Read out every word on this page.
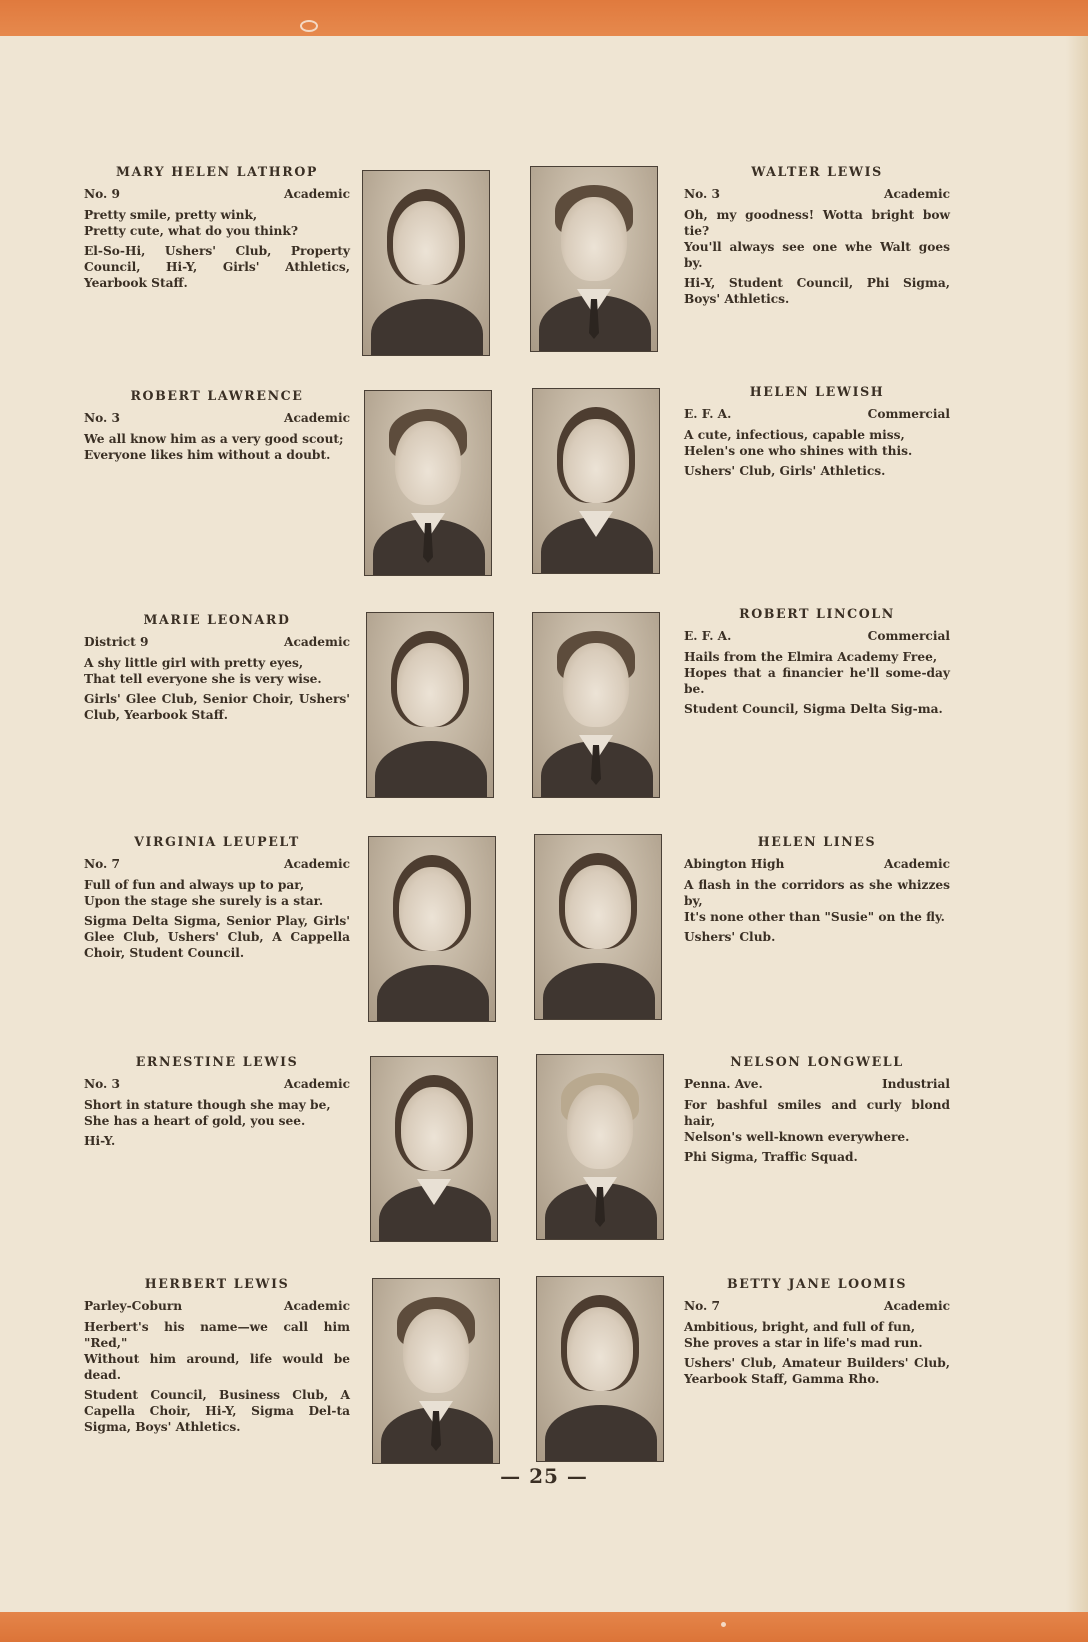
MARY HELEN LATHROP
No. 9	Academic
Pretty smile, pretty wink,
Pretty cute, what do you think?
El-So-Hi, Ushers' Club, Property Council, Hi-Y, Girls' Athletics, Yearbook Staff.
WALTER LEWIS
No. 3	Academic
Oh, my goodness! Wotta bright bow tie?
You'll always see one whe Walt goes by.
Hi-Y, Student Council, Phi Sigma, Boys' Athletics.
ROBERT LAWRENCE
No. 3	Academic
We all know him as a very good scout;
Everyone likes him without a doubt.
HELEN LEWISH
E. F. A.	Commercial
A cute, infectious, capable miss,
Helen's one who shines with this.
Ushers' Club, Girls' Athletics.
MARIE LEONARD
District 9	Academic
A shy little girl with pretty eyes,
That tell everyone she is very wise.
Girls' Glee Club, Senior Choir, Ushers' Club, Yearbook Staff.
ROBERT LINCOLN
E. F. A.	Commercial
Hails from the Elmira Academy Free,
Hopes that a financier he'll some-day be.
Student Council, Sigma Delta Sig-ma.
VIRGINIA LEUPELT
No. 7	Academic
Full of fun and always up to par,
Upon the stage she surely is a star.
Sigma Delta Sigma, Senior Play, Girls' Glee Club, Ushers' Club, A Cappella Choir, Student Council.
HELEN LINES
Abington High	Academic
A flash in the corridors as she whizzes by,
It's none other than "Susie" on the fly.
Ushers' Club.
ERNESTINE LEWIS
No. 3	Academic
Short in stature though she may be,
She has a heart of gold, you see.
Hi-Y.
NELSON LONGWELL
Penna. Ave.	Industrial
For bashful smiles and curly blond hair,
Nelson's well-known everywhere.
Phi Sigma, Traffic Squad.
HERBERT LEWIS
Parley-Coburn	Academic
Herbert's his name—we call him "Red,"
Without him around, life would be dead.
Student Council, Business Club, A Capella Choir, Hi-Y, Sigma Del-ta Sigma, Boys' Athletics.
BETTY JANE LOOMIS
No. 7	Academic
Ambitious, bright, and full of fun,
She proves a star in life's mad run.
Ushers' Club, Amateur Builders' Club, Yearbook Staff, Gamma Rho.
— 25 —
